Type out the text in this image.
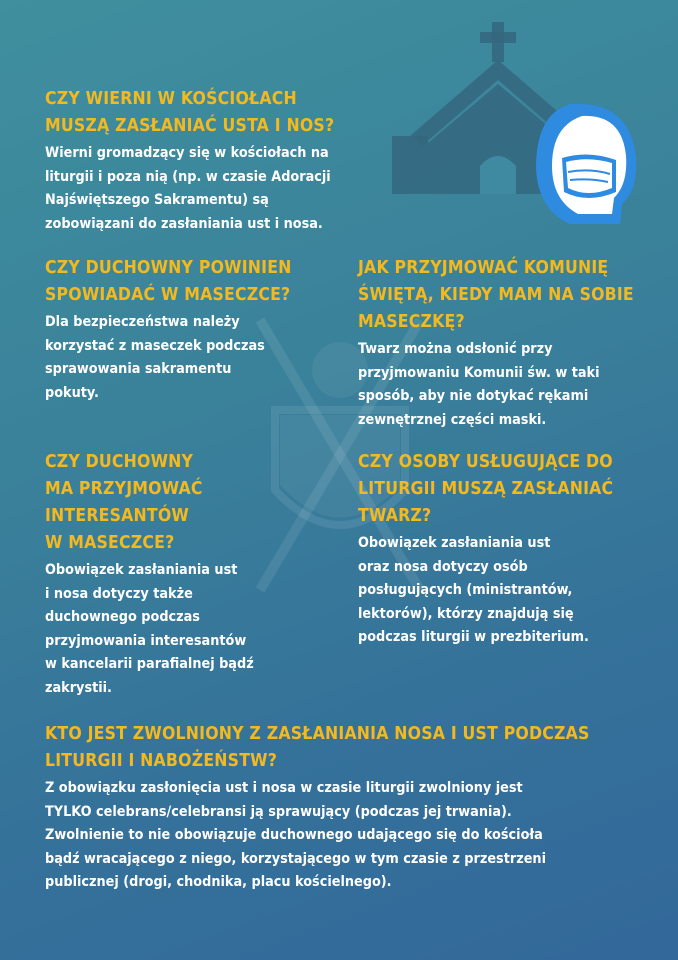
CZY WIERNI W KOŚCIOŁACH
MUSZĄ ZASŁANIAĆ USTA I NOS?

Wierni gromadzący się w kościołach na
liturgii i poza nią (np. w czasie Adoracji
Najświętszego Sakramentu) są
zobowiązani do zasłaniania ust i nosa.

CZY DUCHOWNY POWINIEN
SPOWIADAĆ W MASECZCE?

Dla bezpieczeństwa należy
korzystać z maseczek podczas
sprawowania sakramentu
pokuty.

JAK PRZYJMOWAĆ KOMUNIĘ
ŚWIĘTĄ, KIEDY MAM NA SOBIE
MASECZKĘ?

Twarz można odsłonić przy
przyjmowaniu Komunii św. w taki
sposób, aby nie dotykać rękami
zewnętrznej części maski.

CZY DUCHOWNY
MA PRZYJMOWAĆ
INTERESANTÓW
W MASECZCE?

Obowiązek zasłaniania ust
i nosa dotyczy także
duchownego podczas
przyjmowania interesantów
w kancelarii parafialnej bądź
zakrystii.

CZY OSOBY USŁUGUJĄCE DO
LITURGII MUSZĄ ZASŁANIAĆ
TWARZ?

Obowiązek zasłaniania ust
oraz nosa dotyczy osób
posługujących (ministrantów,
lektorów), którzy znajdują się
podczas liturgii w prezbiterium.

KTO JEST ZWOLNIONY Z ZASŁANIANIA NOSA I UST PODCZAS
LITURGII I NABOŻEŃSTW?

Z obowiązku zasłonięcia ust i nosa w czasie liturgii zwolniony jest
TYLKO celebrans/celebransi ją sprawujący (podczas jej trwania).
Zwolnienie to nie obowiązuje duchownego udającego się do kościoła
bądź wracającego z niego, korzystającego w tym czasie z przestrzeni
publicznej (drogi, chodnika, placu kościelnego).
